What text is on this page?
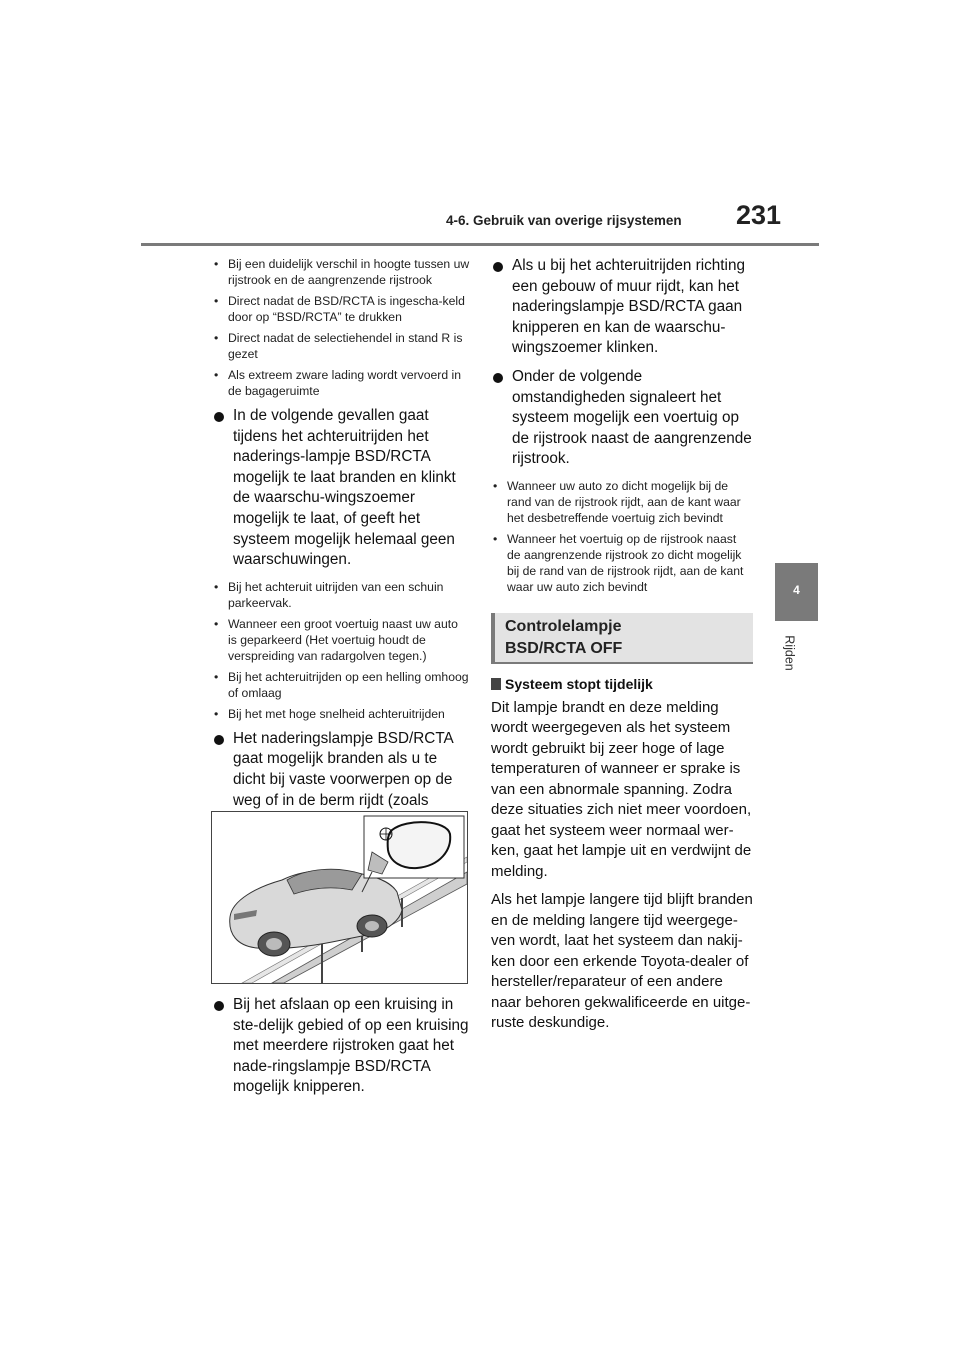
4-6. Gebruik van overige rijsystemen 231
4
Rijden
• Bij een duidelijk verschil in hoogte tussen uw rijstrook en de aangrenzende rijstrook
• Direct nadat de BSD/RCTA is ingescha-keld door op “BSD/RCTA” te drukken
• Direct nadat de selectiehendel in stand R is gezet
• Als extreem zware lading wordt vervoerd in de bagageruimte
In de volgende gevallen gaat tijdens het achteruitrijden het naderings-lampje BSD/RCTA mogelijk te laat branden en klinkt de waarschu-wingszoemer mogelijk te laat, of geeft het systeem mogelijk helemaal geen waarschuwingen.
• Bij het achteruit uitrijden van een schuin parkeervak.
• Wanneer een groot voertuig naast uw auto is geparkeerd (Het voertuig houdt de verspreiding van radargolven tegen.)
• Bij het achteruitrijden op een helling omhoog of omlaag
• Bij het met hoge snelheid achteruitrijden
Het naderingslampje BSD/RCTA gaat mogelijk branden als u te dicht bij vaste voorwerpen op de weg of in de berm rijdt (zoals
Bij het afslaan op een kruising in ste-delijk gebied of op een kruising met meerdere rijstroken gaat het nade-ringslampje BSD/RCTA mogelijk knipperen.
Als u bij het achteruitrijden richting een gebouw of muur rijdt, kan het naderingslampje BSD/RCTA gaan knipperen en kan de waarschu-wingszoemer klinken.
Onder de volgende omstandigheden signaleert het systeem mogelijk een voertuig op de rijstrook naast de aangrenzende rijstrook.
• Wanneer uw auto zo dicht mogelijk bij de rand van de rijstrook rijdt, aan de kant waar het desbetreffende voertuig zich bevindt
• Wanneer het voertuig op de rijstrook naast de aangrenzende rijstrook zo dicht mogelijk bij de rand van de rijstrook rijdt, aan de kant waar uw auto zich bevindt
Controlelampje
BSD/RCTA OFF
Systeem stopt tijdelijk

Dit lampje brandt en deze melding wordt weergegeven als het systeem wordt gebruikt bij zeer hoge of lage temperaturen of wanneer er sprake is van een abnormale spanning. Zodra deze situaties zich niet meer voordoen, gaat het systeem weer normaal wer-ken, gaat het lampje uit en verdwijnt de melding.

Als het lampje langere tijd blijft branden en de melding langere tijd weergege-ven wordt, laat het systeem dan nakij-ken door een erkende Toyota-dealer of hersteller/reparateur of een andere naar behoren gekwalificeerde en uitge-ruste deskundige.
